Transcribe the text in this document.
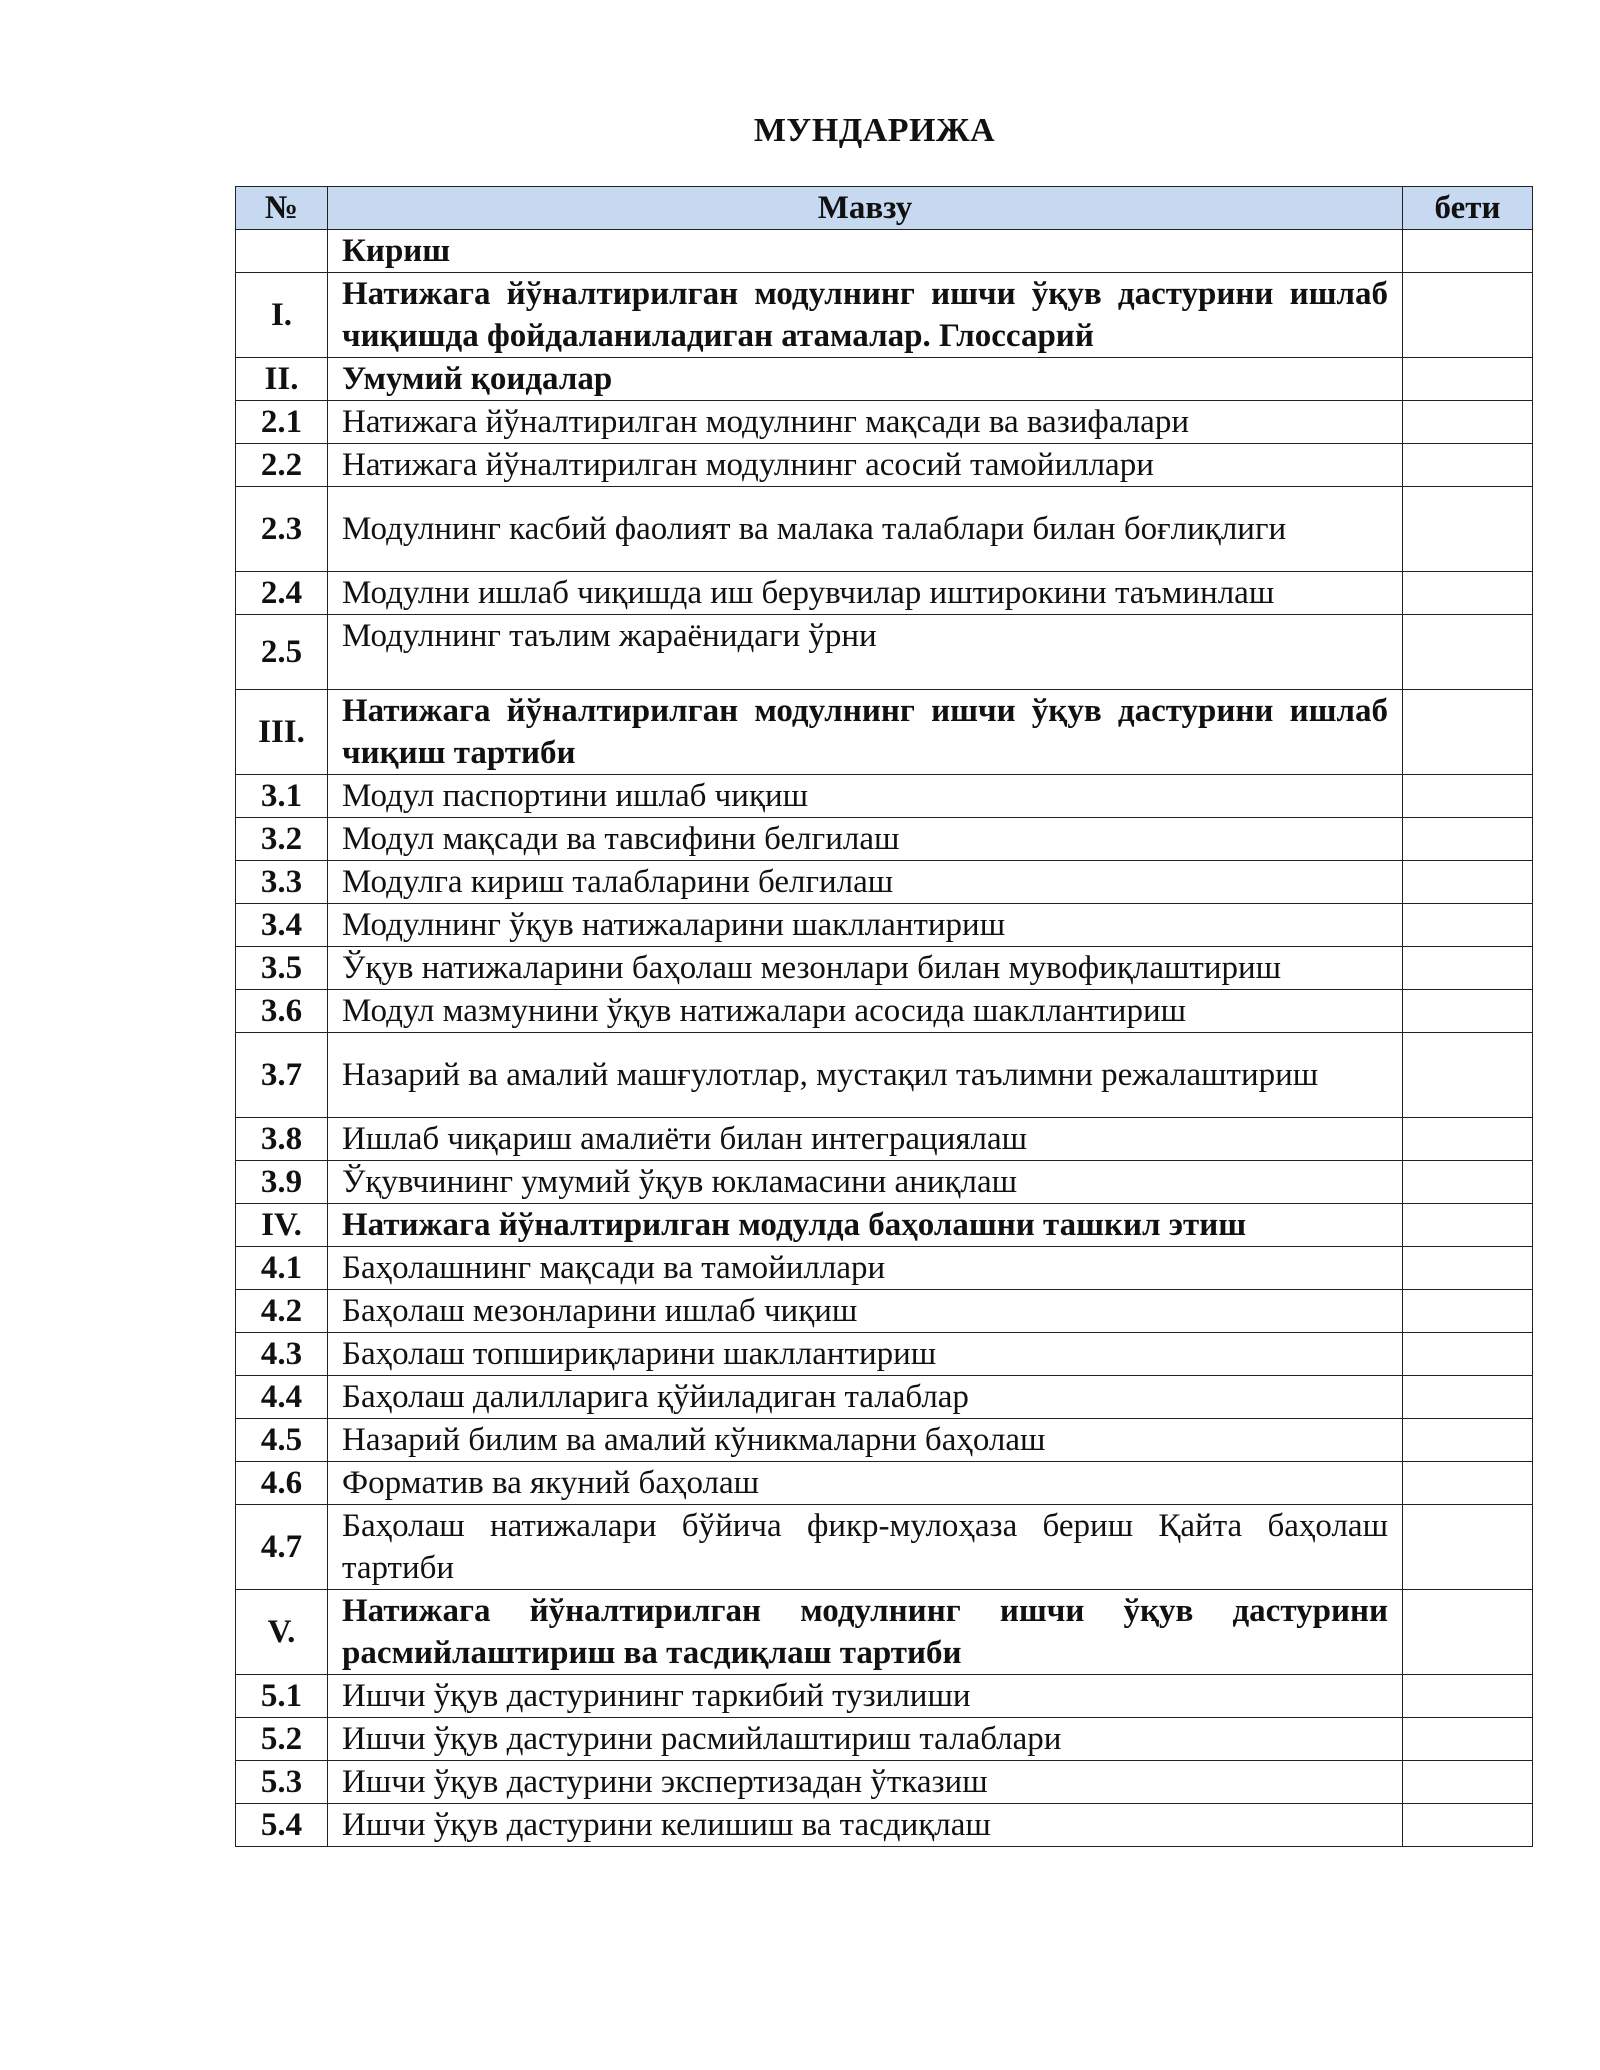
МУНДАРИЖА
№	Мавзу	бети
	Кириш	
I.	Натижага йўналтирилган модулнинг ишчи ўқув дастурини ишлаб чиқишда фойдаланиладиган атамалар. Глоссарий	
II.	Умумий қоидалар	
2.1	Натижага йўналтирилган модулнинг мақсади ва вазифалари	
2.2	Натижага йўналтирилган модулнинг асосий тамойиллари	
2.3	Модулнинг касбий фаолият ва малака талаблари билан боғлиқлиги	
2.4	Модулни ишлаб чиқишда иш берувчилар иштирокини таъминлаш	
2.5	Модулнинг таълим жараёнидаги ўрни	
III.	Натижага йўналтирилган модулнинг ишчи ўқув дастурини ишлаб чиқиш тартиби	
3.1	Модул паспортини ишлаб чиқиш	
3.2	Модул мақсади ва тавсифини белгилаш	
3.3	Модулга кириш талабларини белгилаш	
3.4	Модулнинг ўқув натижаларини шакллантириш	
3.5	Ўқув натижаларини баҳолаш мезонлари билан мувофиқлаштириш	
3.6	Модул мазмунини ўқув натижалари асосида шакллантириш	
3.7	Назарий ва амалий машғулотлар, мустақил таълимни режалаштириш	
3.8	Ишлаб чиқариш амалиёти билан интеграциялаш	
3.9	Ўқувчининг умумий ўқув юкламасини аниқлаш	
IV.	Натижага йўналтирилган модулда баҳолашни ташкил этиш	
4.1	Баҳолашнинг мақсади ва тамойиллари	
4.2	Баҳолаш мезонларини ишлаб чиқиш	
4.3	Баҳолаш топшириқларини шакллантириш	
4.4	Баҳолаш далилларига қўйиладиган талаблар	
4.5	Назарий билим ва амалий кўникмаларни баҳолаш	
4.6	Формaтив ва якуний баҳолаш	
4.7	Баҳолаш натижалари бўйича фикр-мулоҳаза бериш Қайта баҳолаш тартиби	
V.	Натижага йўналтирилган модулнинг ишчи ўқув дастурини расмийлаштириш ва тасдиқлаш тартиби	
5.1	Ишчи ўқув дастурининг таркибий тузилиши	
5.2	Ишчи ўқув дастурини расмийлаштириш талаблари	
5.3	Ишчи ўқув дастурини экспертизадан ўтказиш	
5.4	Ишчи ўқув дастурини келишиш ва тасдиқлаш	
